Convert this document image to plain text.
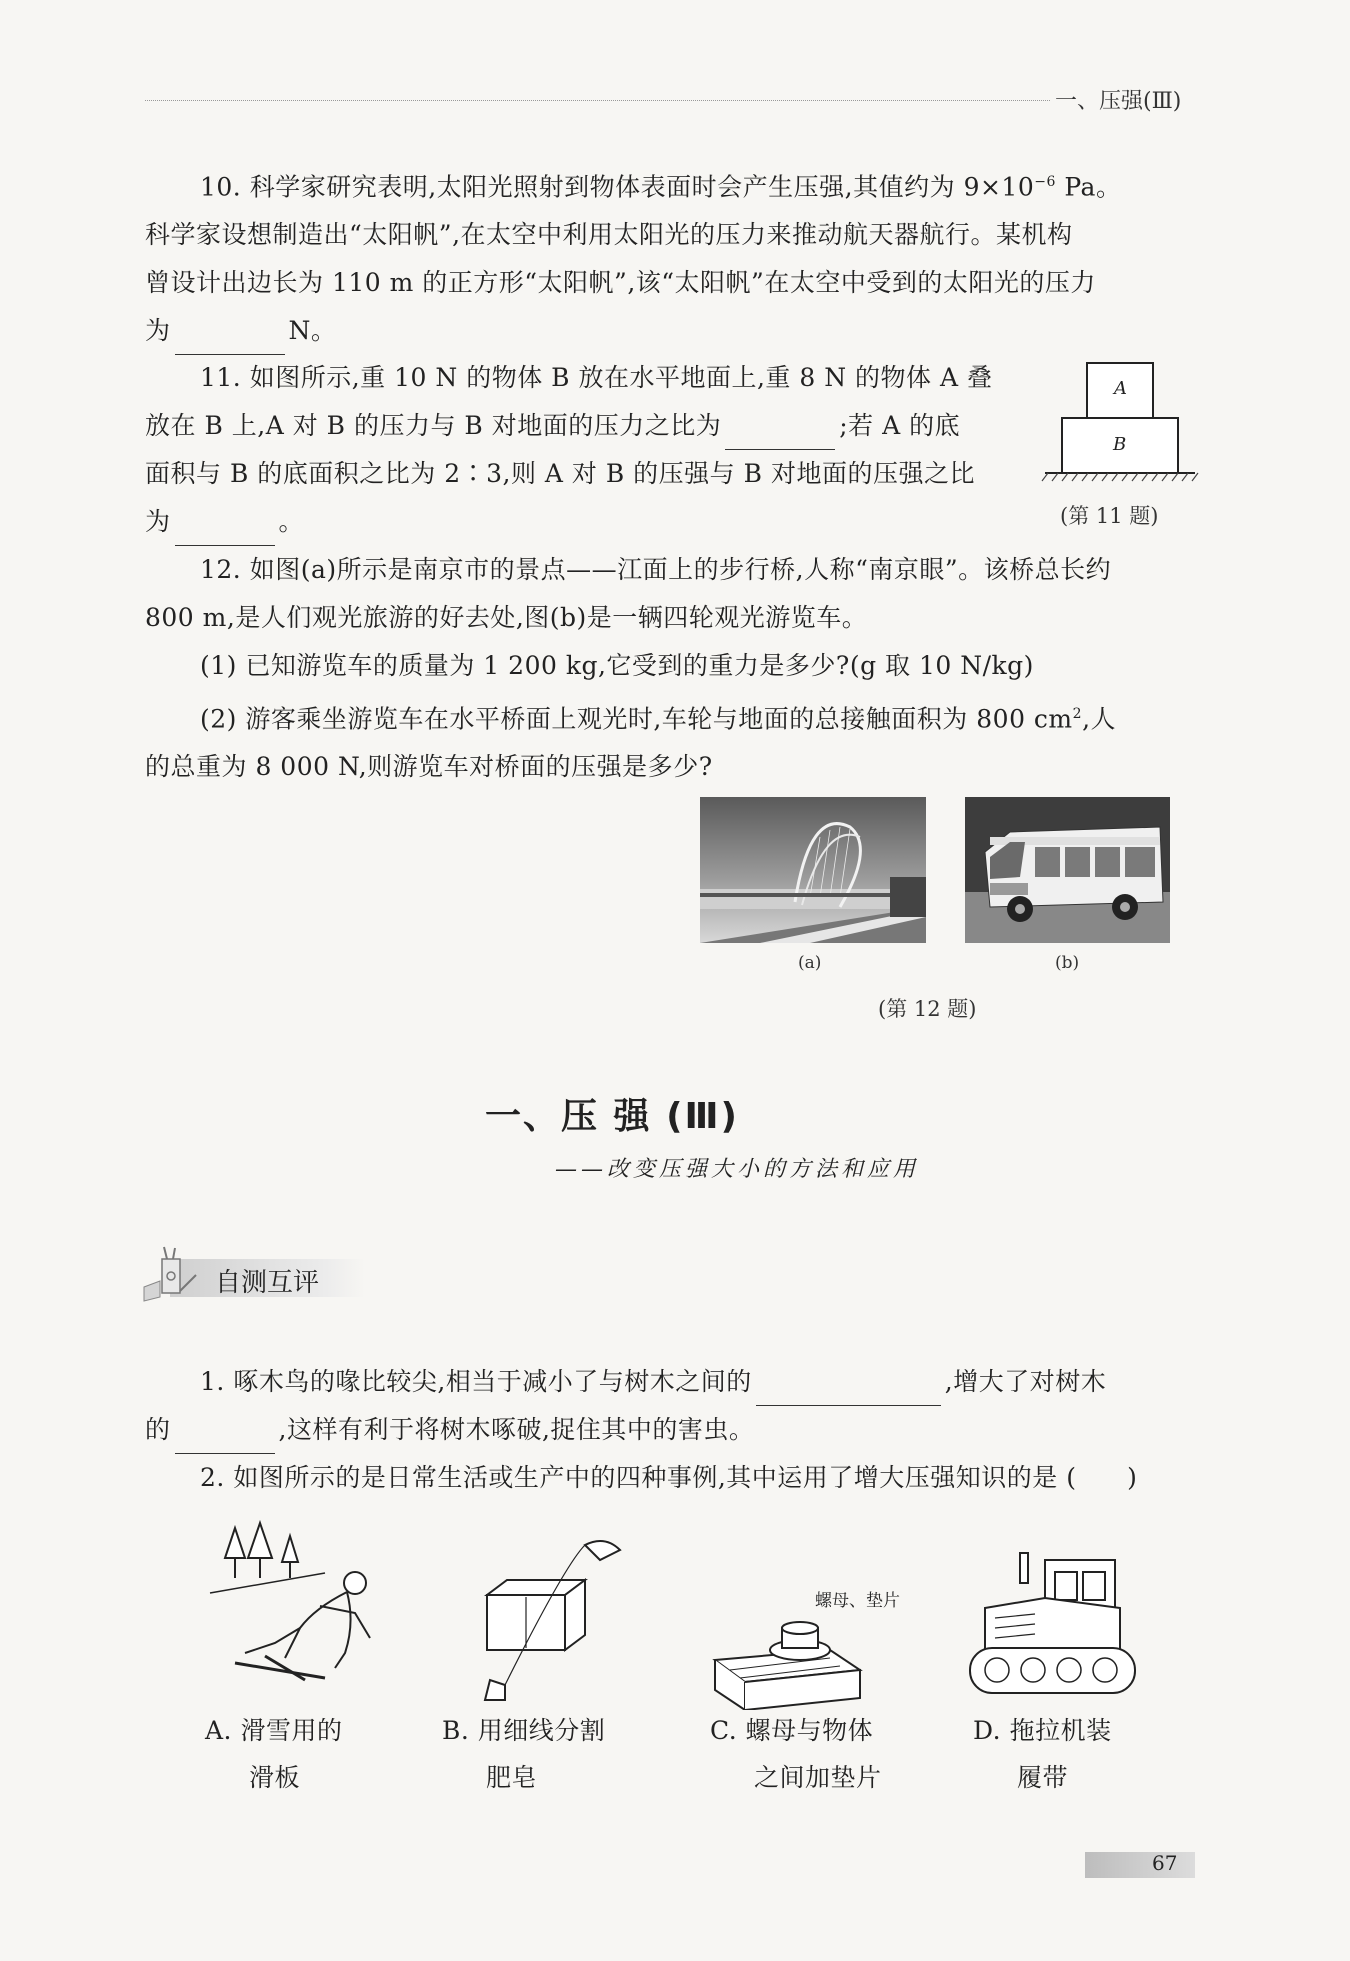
一、压强(Ⅲ)
10. 科学家研究表明,太阳光照射到物体表面时会产生压强,其值约为 $9\times 10^{-6}$ Pa。
科学家设想制造出“太阳帆”,在太空中利用太阳光的压力来推动航天器航行。某机构
曾设计出边长为 110 m 的正方形“太阳帆”,该“太阳帆”在太空中受到的太阳光的压力
为	N。
11. 如图所示,重 10 N 的物体 B 放在水平地面上,重 8 N 的物体 A 叠
放在 B 上,A 对 B 的压力与 B 对地面的压力之比为	;若 A 的底
面积与 B 的底面积之比为 2∶3,则 A 对 B 的压强与 B 对地面的压强之比
为	。
A
B
(第 11 题)
12. 如图(a)所示是南京市的景点——江面上的步行桥,人称“南京眼”。该桥总长约
800 m,是人们观光旅游的好去处,图(b)是一辆四轮观光游览车。
(1) 已知游览车的质量为 1 200 kg,它受到的重力是多少?(g 取 10 N/kg)
(2) 游客乘坐游览车在水平桥面上观光时,车轮与地面的总接触面积为 800 $cm^2$,人
的总重为 8 000 N,则游览车对桥面的压强是多少?
(a)	(b)
(第 12 题)
一、压 强 (Ⅲ)
——改变压强大小的方法和应用
自测互评
1. 啄木鸟的喙比较尖,相当于减小了与树木之间的	,增大了对树木
的	,这样有利于将树木啄破,捉住其中的害虫。
2. 如图所示的是日常生活或生产中的四种事例,其中运用了增大压强知识的是 (      )
螺母、垫片
A. 滑雪用的
滑板
B. 用细线分割
肥皂
C. 螺母与物体
之间加垫片
D. 拖拉机装
履带
67
